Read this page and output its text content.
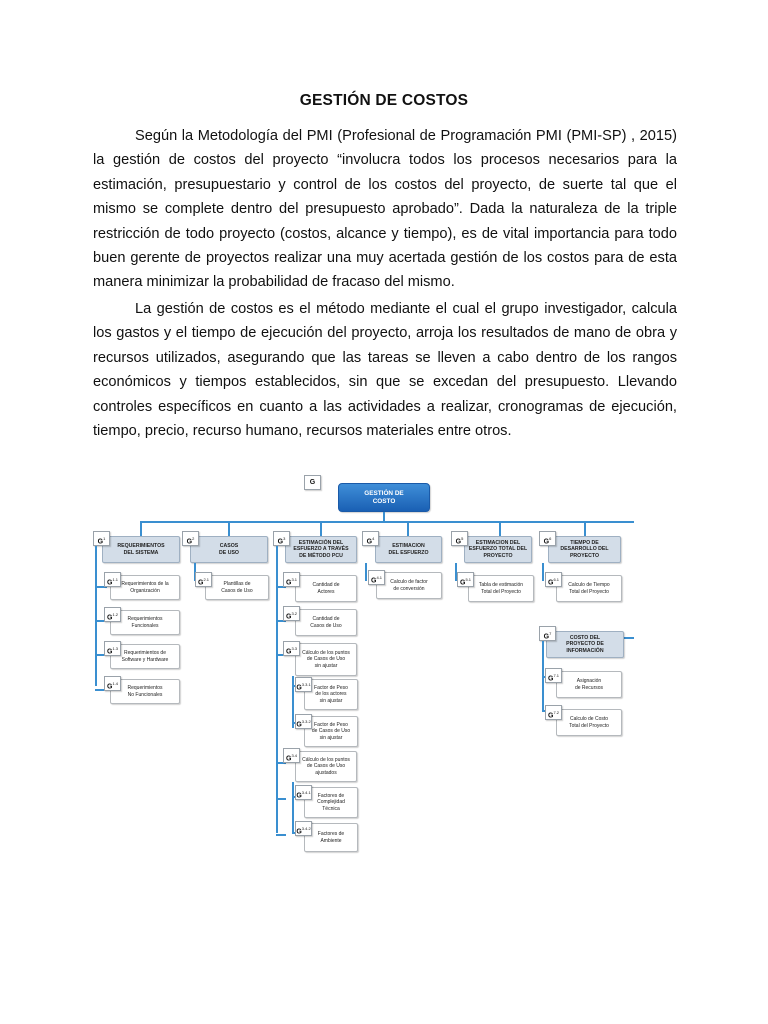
GESTIÓN DE COSTOS

Según la Metodología del PMI (Profesional de Programación PMI (PMI-SP) , 2015) la gestión de costos del proyecto “involucra todos los procesos necesarios para la estimación, presupuestario y control de los costos del proyecto, de suerte tal que el mismo se complete dentro del presupuesto aprobado”. Dada la naturaleza de la triple restricción de todo proyecto (costos, alcance y tiempo), es de vital importancia para todo buen gerente de proyectos realizar una muy acertada gestión de los costos para de esta manera minimizar la probabilidad de fracaso del mismo.

La gestión de costos es el método mediante el cual el grupo investigador, calcula los gastos y el tiempo de ejecución del proyecto, arroja los resultados de mano de obra y recursos utilizados, asegurando que las tareas se lleven a cabo dentro de los rangos económicos y tiempos establecidos, sin que se excedan del presupuesto. Llevando controles específicos en cuanto a las actividades a realizar, cronogramas de ejecución, tiempo, precio, recurso humano, recursos materiales entre otros.

GESTIÓN DE
COSTO
G
REQUERIMIENTOS
DEL SISTEMA
$G^1$
CASOS
DE USO
$G^2$
ESTIMACIÓN DEL
ESFUERZO A TRAVÉS
DE MÉTODO PCU
$G^3$
ESTIMACION
DEL ESFUERZO
$G^4$
ESTIMACION DEL
ESFUERZO TOTAL DEL
PROYECTO
$G^5$
TIEMPO DE
DESARROLLO DEL
PROYECTO
$G^6$
Requerimientos de la
Organización
$G^{1.1}$
Requerimientos
Funcionales
$G^{1.2}$
Requerimientos de
Software y Hardware
$G^{1.3}$
Requerimientos
No Funcionales
$G^{1.4}$
Plantillas de
Casos de Uso
$G^{2.1}$
Cantidad de
Actores
$G^{3.1}$
Cantidad de
Casos de Uso
$G^{3.2}$
Cálculo de los puntos
de Casos de Uso
sin ajustar
$G^{3.3}$
Factor de Peso
de los actores
sin ajustar
$G^{3.3.1}$
Factor de Peso
de Casos de Uso
sin ajustar
$G^{3.3.2}$
Cálculo de los puntos
de Casos de Uso
ajustados
$G^{3.4}$
Factores de
Complejidad
Técnica
$G^{3.4.1}$
Factores de
Ambiente
$G^{3.4.2}$
Calculo de factor
de conversión
$G^{4.1}$
Tabla de estimación
Total del Proyecto
$G^{5.1}$
Calculo de Tiempo
Total del Proyecto
$G^{6.1}$
COSTO DEL
PROYECTO DE
INFORMACIÓN
$G^7$
Asignación
de Recursos
$G^{7.1}$
Calculo de Costo
Total del Proyecto
$G^{7.2}$
